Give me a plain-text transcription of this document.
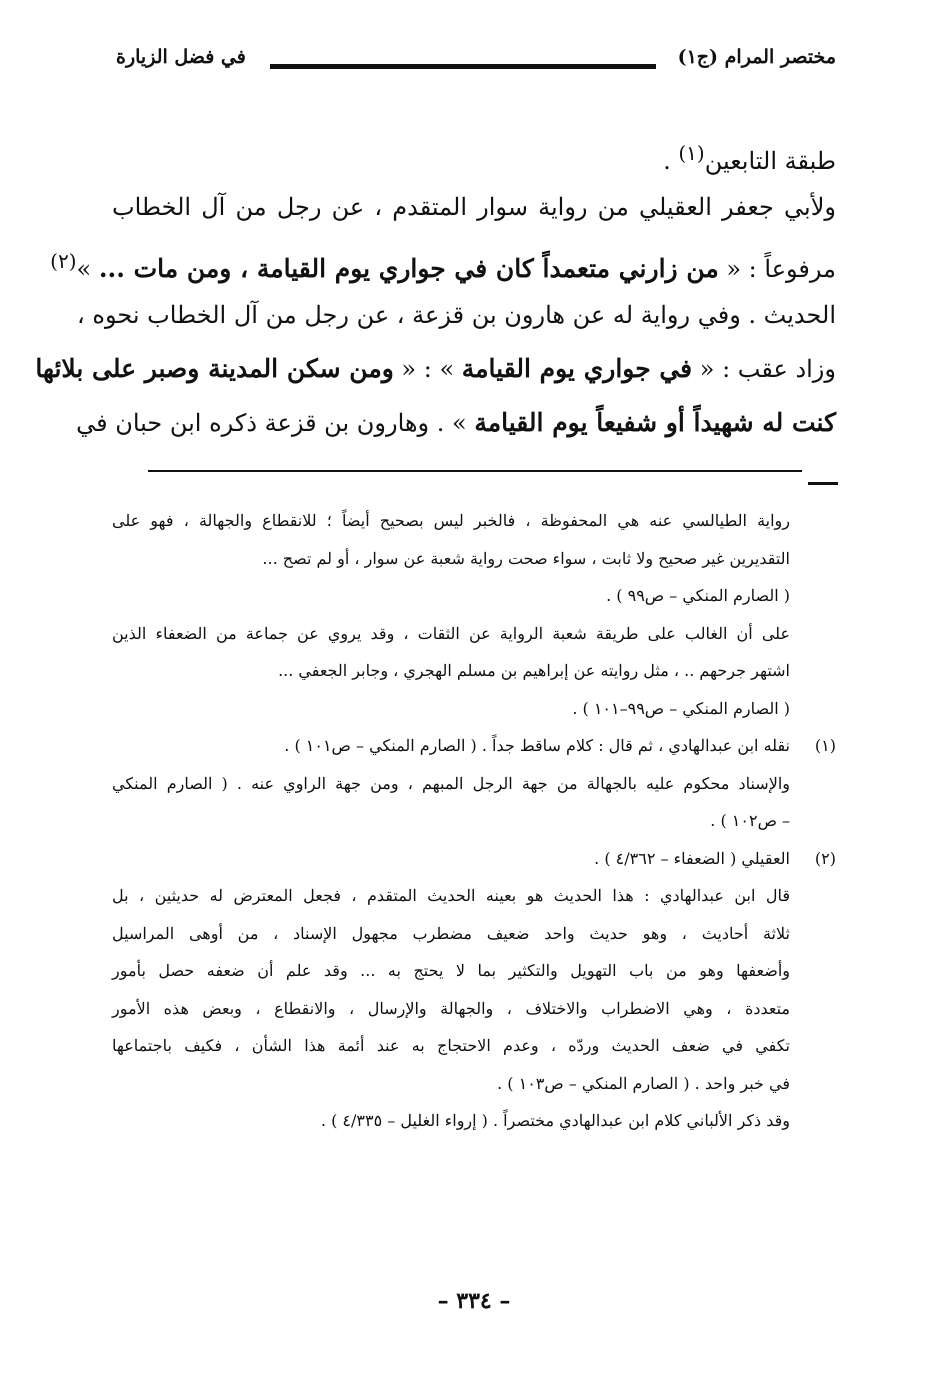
مختصر المرام (ج١)
في فضل الزيارة
طبقة التابعين$^{(١)}$ .
ولأبي جعفر العقيلي من رواية سوار المتقدم ، عن رجل من آل الخطاب
مرفوعاً : « من زارني متعمداً كان في جواري يوم القيامة ، ومن مات ... »$^{(٢)}$
الحديث . وفي رواية له عن هارون بن قزعة ، عن رجل من آل الخطاب نحوه ،
وزاد عقب : « في جواري يوم القيامة » : « ومن سكن المدينة وصبر على بلائها
كنت له شهيداً أو شفيعاً يوم القيامة » . وهارون بن قزعة ذكره ابن حبان في
رواية الطيالسي عنه هي المحفوظة ، فالخبر ليس بصحيح أيضاً ؛ للانقطاع والجهالة ، فهو على
التقديرين غير صحيح ولا ثابت ، سواء صحت رواية شعبة عن سوار ، أو لم تصح ...
( الصارم المنكي – ص٩٩ ) .
على أن الغالب على طريقة شعبة الرواية عن الثقات ، وقد يروي عن جماعة من الضعفاء الذين
اشتهر جرحهم .. ، مثل روايته عن إبراهيم بن مسلم الهجري ، وجابر الجعفي ...
( الصارم المنكي – ص٩٩–١٠١ ) .
(١)نقله ابن عبدالهادي ، ثم قال : كلام ساقط جداً . ( الصارم المنكي – ص١٠١ ) .
والإسناد محكوم عليه بالجهالة من جهة الرجل المبهم ، ومن جهة الراوي عنه . ( الصارم المنكي
– ص١٠٢ ) .
(٢)العقيلي ( الضعفاء – ٤/٣٦٢ ) .
قال ابن عبدالهادي : هذا الحديث هو بعينه الحديث المتقدم ، فجعل المعترض له حديثين ، بل
ثلاثة أحاديث ، وهو حديث واحد ضعيف مضطرب مجهول الإسناد ، من أوهى المراسيل
وأضعفها وهو من باب التهويل والتكثير بما لا يحتج به ... وقد علم أن ضعفه حصل بأمور
متعددة ، وهي الاضطراب والاختلاف ، والجهالة والإرسال ، والانقطاع ، وبعض هذه الأمور
تكفي في ضعف الحديث وردّه ، وعدم الاحتجاج به عند أئمة هذا الشأن ، فكيف باجتماعها
في خبر واحد . ( الصارم المنكي – ص١٠٣ ) .
وقد ذكر الألباني كلام ابن عبدالهادي مختصراً . ( إرواء الغليل – ٤/٣٣٥ ) .
– ٣٣٤ –
